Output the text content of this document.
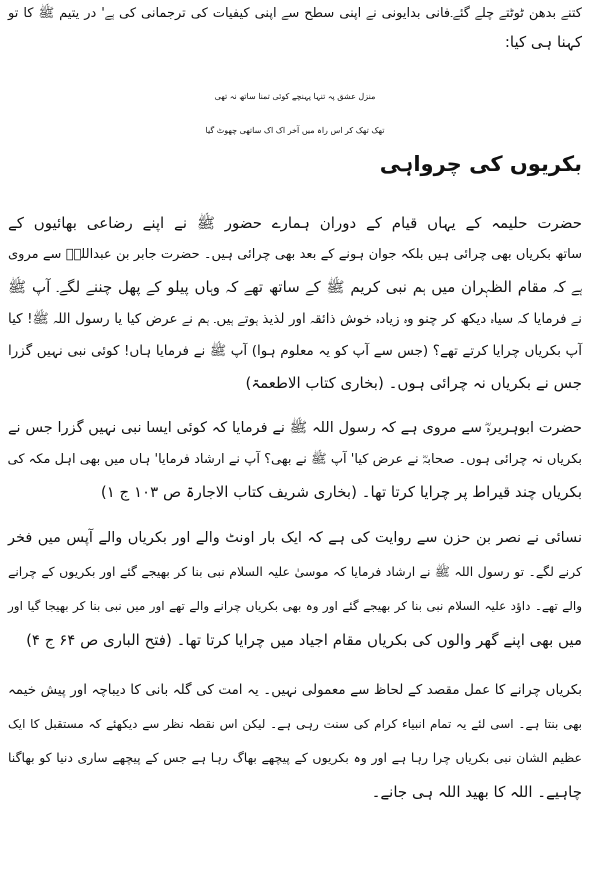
کتنے بدھن ٹوٹتے چلے گئے۔فانی بدایونی نے اپنی سطح سے اپنی کیفیات کی ترجمانی کی ہے' در یتیم ﷺ کا تو
کہنا ہی کیا:
منزل عشق پہ تنہا پہنچے کوئی تمنا ساتھ نہ تھی
تھک تھک کر اس راہ میں آخر اک اک ساتھی چھوٹ گیا
بکریوں کی چرواہی
حضرت حلیمہ کے یہاں قیام کے دوران ہمارے حضور ﷺ نے اپنے رضاعی بھائیوں کے
ساتھ بکریاں بھی چرائی ہیں بلکہ جوان ہونے کے بعد بھی چرائی ہیں۔ حضرت جابر بن عبداللہؓ سے مروی
ہے کہ مقام الظہران میں ہم نبی کریم ﷺ کے ساتھ تھے کہ وہاں پیلو کے پھل چننے لگے۔ آپ ﷺ
نے فرمایا کہ سیاہ دیکھ کر چنو وہ زیادہ خوش ذائقہ اور لذیذ ہوتے ہیں۔ ہم نے عرض کیا یا رسول اللہ ﷺ! کیا
آپ بکریاں چرایا کرتے تھے؟ (جس سے آپ کو یہ معلوم ہوا) آپ ﷺ نے فرمایا ہاں! کوئی نبی نہیں گزرا
جس نے بکریاں نہ چرائی ہوں۔ (بخاری کتاب الاطعمۃ)
حضرت ابوہریرہؓ سے مروی ہے کہ رسول اللہ ﷺ نے فرمایا کہ کوئی ایسا نبی نہیں گزرا جس نے
بکریاں نہ چرائی ہوں۔ صحابہؓ نے عرض کیا' آپ ﷺ نے بھی؟ آپ نے ارشاد فرمایا' ہاں میں بھی اہل مکہ کی
بکریاں چند قیراط پر چرایا کرتا تھا۔ (بخاری شریف کتاب الاجارۃ ص ۱۰۳ ج ۱)
نسائی نے نصر بن حزن سے روایت کی ہے کہ ایک بار اونٹ والے اور بکریاں والے آپس میں فخر
کرنے لگے۔ تو رسول اللہ ﷺ نے ارشاد فرمایا کہ موسیٰ علیہ السلام نبی بنا کر بھیجے گئے اور بکریوں کے چرانے
والے تھے۔ داؤد علیہ السلام نبی بنا کر بھیجے گئے اور وہ بھی بکریاں چرانے والے تھے اور میں نبی بنا کر بھیجا گیا اور
میں بھی اپنے گھر والوں کی بکریاں مقام اجیاد میں چرایا کرتا تھا۔ (فتح الباری ص ۶۴ ج ۴)
بکریاں چرانے کا عمل مقصد کے لحاظ سے معمولی نہیں۔ یہ امت کی گلہ بانی کا دیباچہ اور پیش خیمہ
بھی بنتا ہے۔ اسی لئے یہ تمام انبیاء کرام کی سنت رہی ہے۔ لیکن اس نقطہ نظر سے دیکھئے کہ مستقبل کا ایک
عظیم الشان نبی بکریاں چرا رہا ہے اور وہ بکریوں کے پیچھے بھاگ رہا ہے جس کے پیچھے ساری دنیا کو بھاگنا
چاہیے۔ اللہ کا بھید اللہ ہی جانے۔
